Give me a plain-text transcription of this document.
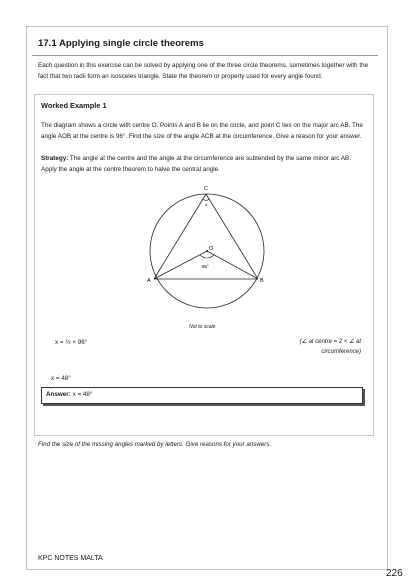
17.1 Applying single circle theorems

Each question in this exercise can be solved by applying one of the three circle theorems, sometimes together with the fact that two radii form an isosceles triangle. State the theorem or property used for every angle found.

Worked Example 1

The diagram shows a circle with centre O. Points A and B lie on the circle, and point C lies on the major arc AB. The angle AOB at the centre is 96°. Find the size of the angle ACB at the circumference. Give a reason for your answer.

Strategy: The angle at the centre and the angle at the circumference are subtended by the same minor arc AB. Apply the angle at the centre theorem to halve the central angle.

C
x
O
96°
A	B

Not to scale

x = ½ × 96°	(∠ at centre = 2 × ∠ at circumference)

x = 48°

Answer: x = 48°

Find the size of the missing angles marked by letters. Give reasons for your answers.

KPC NOTES MALTA

226
